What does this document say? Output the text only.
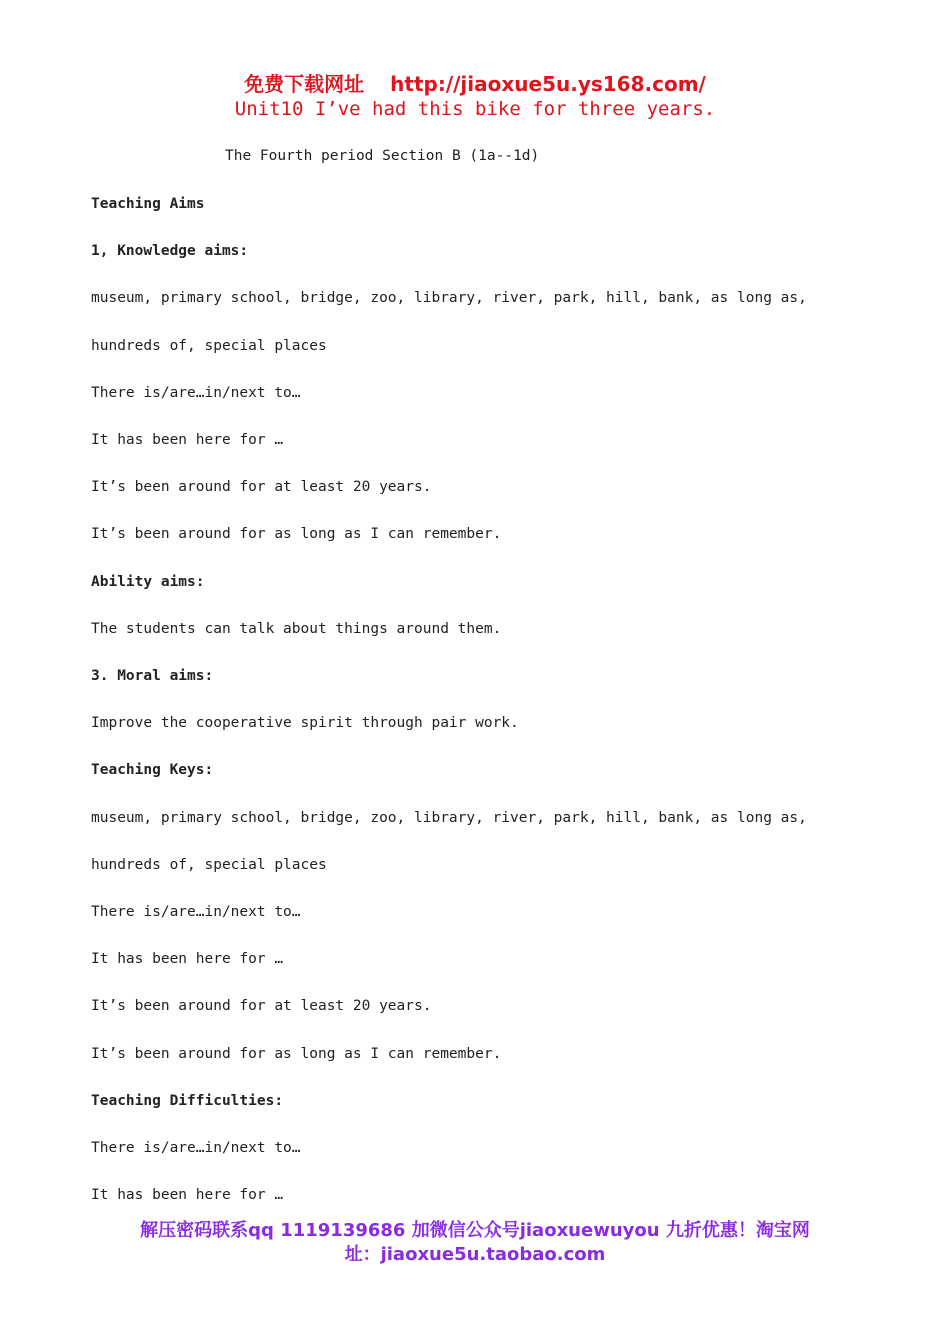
免费下载网址 http://jiaoxue5u.ys168.com/
Unit10 I’ve had this bike for three years.
The Fourth period Section B (1a--1d)
Teaching Aims
1, Knowledge aims:
museum, primary school, bridge, zoo, library, river, park, hill, bank, as long as,
hundreds of, special places
There is/are…in/next to…
It has been here for …
It’s been around for at least 20 years.
It’s been around for as long as I can remember.
Ability aims:
The students can talk about things around them.
3. Moral aims:
Improve the cooperative spirit through pair work.
Teaching Keys:
museum, primary school, bridge, zoo, library, river, park, hill, bank, as long as,
hundreds of, special places
There is/are…in/next to…
It has been here for …
It’s been around for at least 20 years.
It’s been around for as long as I can remember.
Teaching Difficulties:
There is/are…in/next to…
It has been here for …
解压密码联系qq 1119139686 加微信公众号jiaoxuewuyou 九折优惠！淘宝网
址：jiaoxue5u.taobao.com
